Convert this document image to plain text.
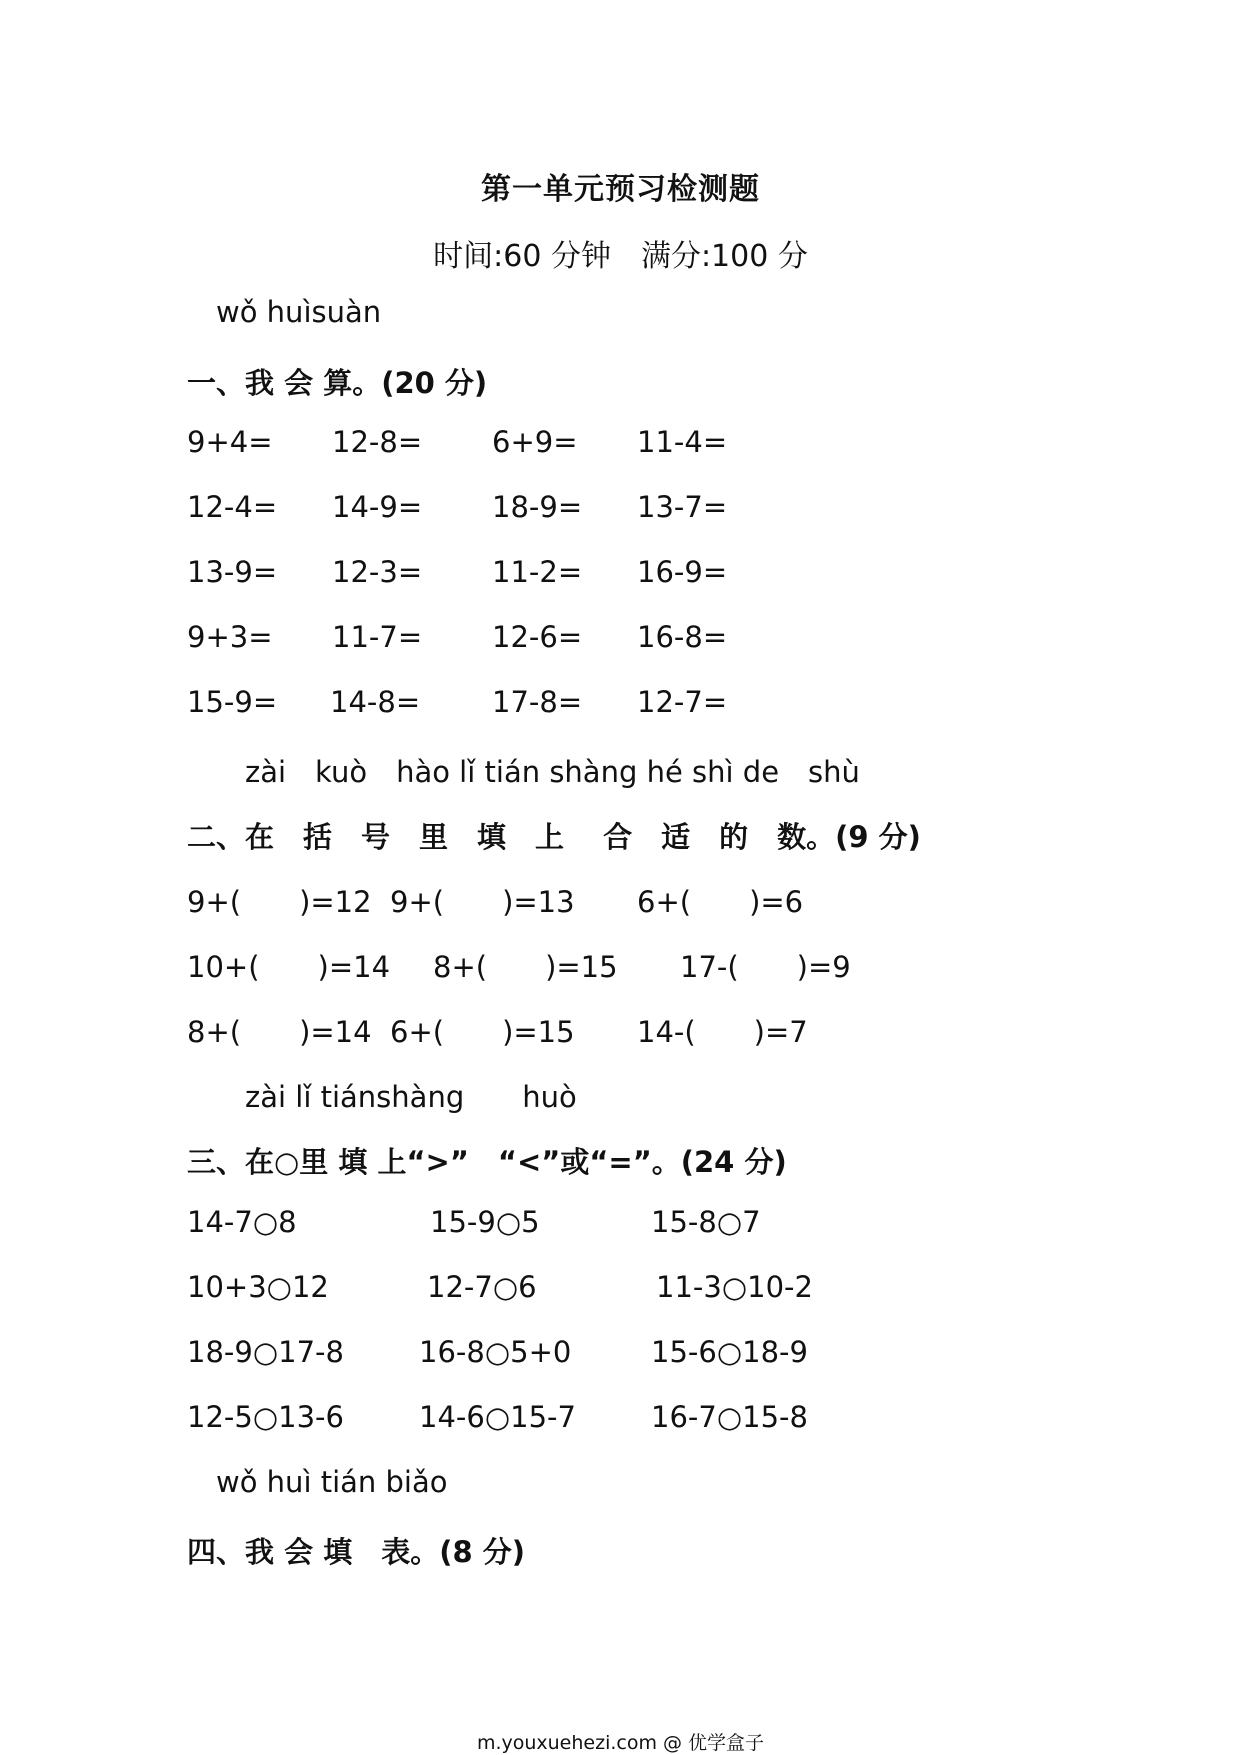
第一单元预习检测题
时间:60 分钟　满分:100 分
wǒ huìsuàn
一、我 会 算。(20 分)
9+4= 12-8= 6+9= 11-4=
12-4= 14-9= 18-9= 13-7=
13-9= 12-3= 11-2= 16-9=
9+3= 11-7= 12-6= 16-8=
15-9= 14-8= 17-8= 12-7=
zài　kuò　hào lǐ tián shàng hé shì de　shù
二、在　括　号　里　填　上　 合　适　的　数。(9 分)
9+(　　)=12 9+(　　)=13 6+(　　)=6
10+(　　)=14 8+(　　)=15 17-(　　)=9
8+(　　)=14 6+(　　)=15 14-(　　)=7
zài lǐ tiánshàng　　huò
三、在○里 填 上“>”　“<”或“=”。(24 分)
14-7○8	15-9○5	15-8○7
10+3○12	12-7○6	11-3○10-2
18-9○17-8	16-8○5+0	15-6○18-9
12-5○13-6	14-6○15-7	16-7○15-8
wǒ huì tián biǎo
四、我 会 填　表。(8 分)
m.youxuehezi.com @ 优学盒子
